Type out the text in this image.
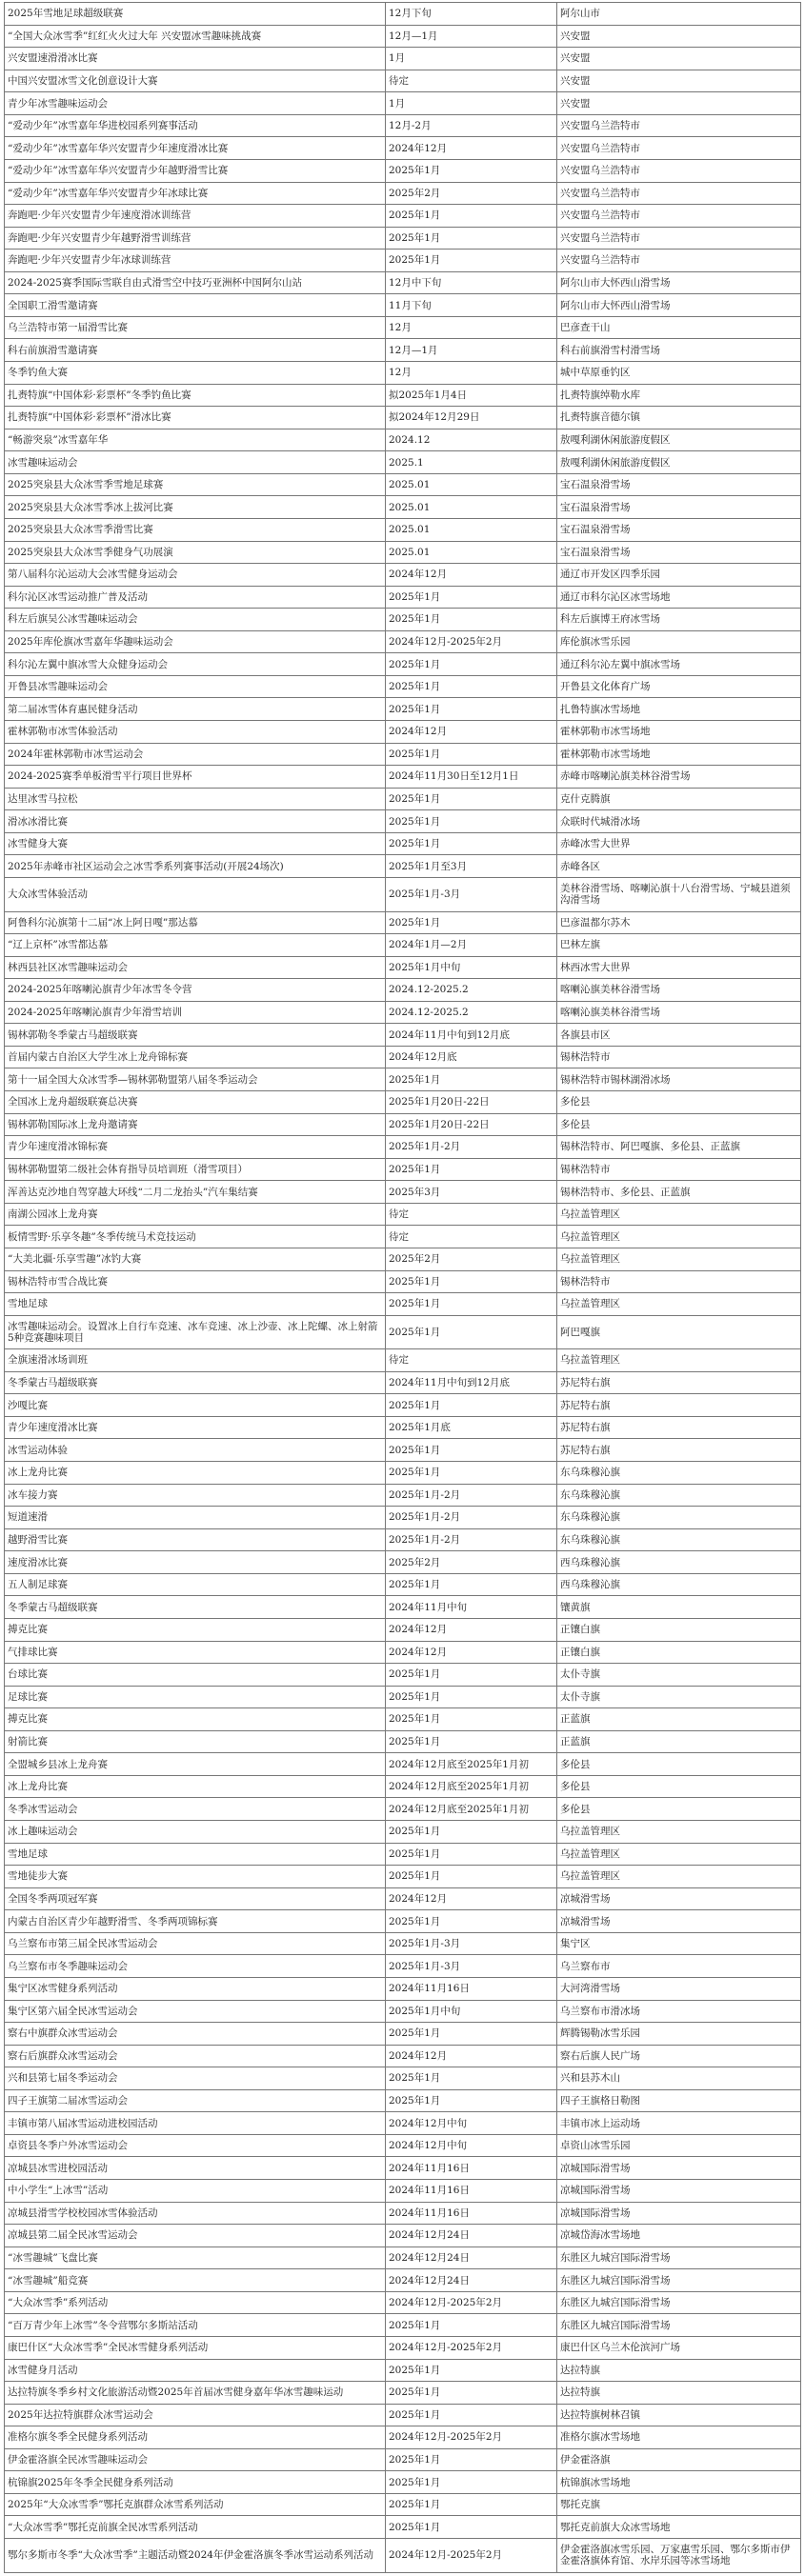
2025年雪地足球超级联赛	12月下旬	阿尔山市
“全国大众冰雪季”红红火火过大年 兴安盟冰雪趣味挑战赛	12月—1月	兴安盟
兴安盟速滑滑冰比赛	1月	兴安盟
中国兴安盟冰雪文化创意设计大赛	待定	兴安盟
青少年冰雪趣味运动会	1月	兴安盟
“爱动少年”冰雪嘉年华进校园系列赛事活动	12月-2月	兴安盟乌兰浩特市
“爱动少年”冰雪嘉年华兴安盟青少年速度滑冰比赛	2024年12月	兴安盟乌兰浩特市
“爱动少年”冰雪嘉年华兴安盟青少年越野滑雪比赛	2025年1月	兴安盟乌兰浩特市
“爱动少年”冰雪嘉年华兴安盟青少年冰球比赛	2025年2月	兴安盟乌兰浩特市
奔跑吧·少年兴安盟青少年速度滑冰训练营	2025年1月	兴安盟乌兰浩特市
奔跑吧·少年兴安盟青少年越野滑雪训练营	2025年1月	兴安盟乌兰浩特市
奔跑吧·少年兴安盟青少年冰球训练营	2025年1月	兴安盟乌兰浩特市
2024-2025赛季国际雪联自由式滑雪空中技巧亚洲杯中国阿尔山站	12月中下旬	阿尔山市大怀西山滑雪场
全国职工滑雪邀请赛	11月下旬	阿尔山市大怀西山滑雪场
乌兰浩特市第一届滑雪比赛	12月	巴彦查干山
科右前旗滑雪邀请赛	12月—1月	科右前旗滑雪村滑雪场
冬季钓鱼大赛	12月	城中草原垂钓区
扎赉特旗“中国体彩·彩票杯”冬季钓鱼比赛	拟2025年1月4日	扎赉特旗绰勒水库
扎赉特旗“中国体彩·彩票杯”滑冰比赛	拟2024年12月29日	扎赉特旗音德尔镇
“畅游突泉”冰雪嘉年华	2024.12	敖嘎利湖休闲旅游度假区
冰雪趣味运动会	2025.1	敖嘎利湖休闲旅游度假区
2025突泉县大众冰雪季雪地足球赛	2025.01	宝石温泉滑雪场
2025突泉县大众冰雪季冰上拔河比赛	2025.01	宝石温泉滑雪场
2025突泉县大众冰雪季滑雪比赛	2025.01	宝石温泉滑雪场
2025突泉县大众冰雪季健身气功展演	2025.01	宝石温泉滑雪场
第八届科尔沁运动大会冰雪健身运动会	2024年12月	通辽市开发区四季乐园
科尔沁区冰雪运动推广普及活动	2025年1月	通辽市科尔沁区冰雪场地
科左后旗吴公冰雪趣味运动会	2025年1月	科左后旗博王府冰雪场
2025年库伦旗冰雪嘉年华趣味运动会	2024年12月-2025年2月	库伦旗冰雪乐园
科尔沁左翼中旗冰雪大众健身运动会	2025年1月	通辽科尔沁左翼中旗冰雪场
开鲁县冰雪趣味运动会	2025年1月	开鲁县文化体育广场
第二届冰雪体育惠民健身活动	2025年1月	扎鲁特旗冰雪场地
霍林郭勒市冰雪体验活动	2024年12月	霍林郭勒市冰雪场地
2024年霍林郭勒市冰雪运动会	2025年1月	霍林郭勒市冰雪场地
2024-2025赛季单板滑雪平行项目世界杯	2024年11月30日至12月1日	赤峰市喀喇沁旗美林谷滑雪场
达里冰雪马拉松	2025年1月	克什克腾旗
滑冰冰滑比赛	2025年1月	众联时代城滑冰场
冰雪健身大赛	2025年1月	赤峰冰雪大世界
2025年赤峰市社区运动会之冰雪季系列赛事活动(开展24场次)	2025年1月至3月	赤峰各区
大众冰雪体验活动	2025年1月-3月	美林谷滑雪场、喀喇沁旗十八台滑雪场、宁城县道须沟滑雪场
阿鲁科尔沁旗第十二届“冰上阿日嘎”那达慕	2025年1月	巴彦温都尔苏木
“辽上京杯”冰雪都达慕	2024年1月—2月	巴林左旗
林西县社区冰雪趣味运动会	2025年1月中旬	林西冰雪大世界
2024-2025年喀喇沁旗青少年冰雪冬令营	2024.12-2025.2	喀喇沁旗美林谷滑雪场
2024-2025年喀喇沁旗青少年滑雪培训	2024.12-2025.2	喀喇沁旗美林谷滑雪场
锡林郭勒冬季蒙古马超级联赛	2024年11月中旬到12月底	各旗县市区
首届内蒙古自治区大学生冰上龙舟锦标赛	2024年12月底	锡林浩特市
第十一届全国大众冰雪季—锡林郭勒盟第八届冬季运动会	2025年1月	锡林浩特市锡林湖滑冰场
全国冰上龙舟超级联赛总决赛	2025年1月20日-22日	多伦县
锡林郭勒国际冰上龙舟邀请赛	2025年1月20日-22日	多伦县
青少年速度滑冰锦标赛	2025年1月-2月	锡林浩特市、阿巴嘎旗、多伦县、正蓝旗
锡林郭勒盟第二级社会体育指导员培训班（滑雪项目）	2025年1月	锡林浩特市
浑善达克沙地自驾穿越大环线“二月二龙抬头”汽车集结赛	2025年3月	锡林浩特市、多伦县、正蓝旗
南湖公园冰上龙舟赛	待定	乌拉盖管理区
板情雪野·乐享冬趣”冬季传统马术竞技运动	待定	乌拉盖管理区
“大美北疆·乐享雪趣”冰钓大赛	2025年2月	乌拉盖管理区
锡林浩特市雪合战比赛	2025年1月	锡林浩特市
雪地足球	2025年1月	乌拉盖管理区
冰雪趣味运动会。设置冰上自行车竞速、冰车竞速、冰上沙壶、冰上陀螺、冰上射箭5种竞赛趣味项目	2025年1月	阿巴嘎旗
全旗速滑冰场训班	待定	乌拉盖管理区
冬季蒙古马超级联赛	2024年11月中旬到12月底	苏尼特右旗
沙嘎比赛	2025年1月	苏尼特右旗
青少年速度滑冰比赛	2025年1月底	苏尼特右旗
冰雪运动体验	2025年1月	苏尼特右旗
冰上龙舟比赛	2025年1月	东乌珠穆沁旗
冰车接力赛	2025年1月-2月	东乌珠穆沁旗
短道速滑	2025年1月-2月	东乌珠穆沁旗
越野滑雪比赛	2025年1月-2月	东乌珠穆沁旗
速度滑冰比赛	2025年2月	西乌珠穆沁旗
五人制足球赛	2025年1月	西乌珠穆沁旗
冬季蒙古马超级联赛	2024年11月中旬	镶黄旗
搏克比赛	2024年12月	正镶白旗
气排球比赛	2024年12月	正镶白旗
台球比赛	2025年1月	太仆寺旗
足球比赛	2025年1月	太仆寺旗
搏克比赛	2025年1月	正蓝旗
射箭比赛	2025年1月	正蓝旗
全盟城乡县冰上龙舟赛	2024年12月底至2025年1月初	多伦县
冰上龙舟比赛	2024年12月底至2025年1月初	多伦县
冬季冰雪运动会	2024年12月底至2025年1月初	多伦县
冰上趣味运动会	2025年1月	乌拉盖管理区
雪地足球	2025年1月	乌拉盖管理区
雪地徒步大赛	2025年1月	乌拉盖管理区
全国冬季两项冠军赛	2024年12月	凉城滑雪场
内蒙古自治区青少年越野滑雪、冬季两项锦标赛	2025年1月	凉城滑雪场
乌兰察布市第三届全民冰雪运动会	2025年1月-3月	集宁区
乌兰察布市冬季趣味运动会	2025年1月-3月	乌兰察布市
集宁区冰雪健身系列活动	2024年11月16日	大河湾滑雪场
集宁区第六届全民冰雪运动会	2025年1月中旬	乌兰察布市滑冰场
察右中旗群众冰雪运动会	2025年1月	辉腾锡勒冰雪乐园
察右后旗群众冰雪运动会	2024年12月	察右后旗人民广场
兴和县第七届冬季运动会	2025年1月	兴和县苏木山
四子王旗第二届冰雪运动会	2025年1月	四子王旗格日勒图
丰镇市第八届冰雪运动进校园活动	2024年12月中旬	丰镇市冰上运动场
卓资县冬季户外冰雪运动会	2024年12月中旬	卓资山冰雪乐园
凉城县冰雪进校园活动	2024年11月16日	凉城国际滑雪场
中小学生“上冰雪”活动	2024年11月16日	凉城国际滑雪场
凉城县滑雪学校校园冰雪体验活动	2024年11月16日	凉城国际滑雪场
凉城县第二届全民冰雪运动会	2024年12月24日	凉城岱海冰雪场地
“冰雪趣城”飞盘比赛	2024年12月24日	东胜区九城宫国际滑雪场
“冰雪趣城”船竞赛	2024年12月24日	东胜区九城宫国际滑雪场
“大众冰雪季”系列活动	2024年12月-2025年2月	东胜区九城宫国际滑雪场
“百万青少年上冰雪”冬令营鄂尔多斯站活动	2025年1月	东胜区九城宫国际滑雪场
康巴什区“大众冰雪季”全民冰雪健身系列活动	2024年12月-2025年2月	康巴什区乌兰木伦滨河广场
冰雪健身月活动	2025年1月	达拉特旗
达拉特旗冬季乡村文化旅游活动暨2025年首届冰雪健身嘉年华冰雪趣味运动	2025年1月	达拉特旗
2025年达拉特旗群众冰雪运动会	2025年1月	达拉特旗树林召镇
准格尔旗冬季全民健身系列活动	2024年12月-2025年2月	准格尔旗冰雪场地
伊金霍洛旗全民冰雪趣味运动会	2025年1月	伊金霍洛旗
杭锦旗2025年冬季全民健身系列活动	2025年1月	杭锦旗冰雪场地
2025年“大众冰雪季”鄂托克旗群众冰雪系列活动	2025年1月	鄂托克旗
“大众冰雪季”鄂托克前旗全民冰雪系列活动	2025年1月	鄂托克前旗大众冰雪场地
鄂尔多斯市冬季“大众冰雪季”主题活动暨2024年伊金霍洛旗冬季冰雪运动系列活动	2024年12月-2025年2月	伊金霍洛旗冰雪乐园、万家惠雪乐园、鄂尔多斯市伊金霍洛旗体育馆、水岸乐园等冰雪场地
